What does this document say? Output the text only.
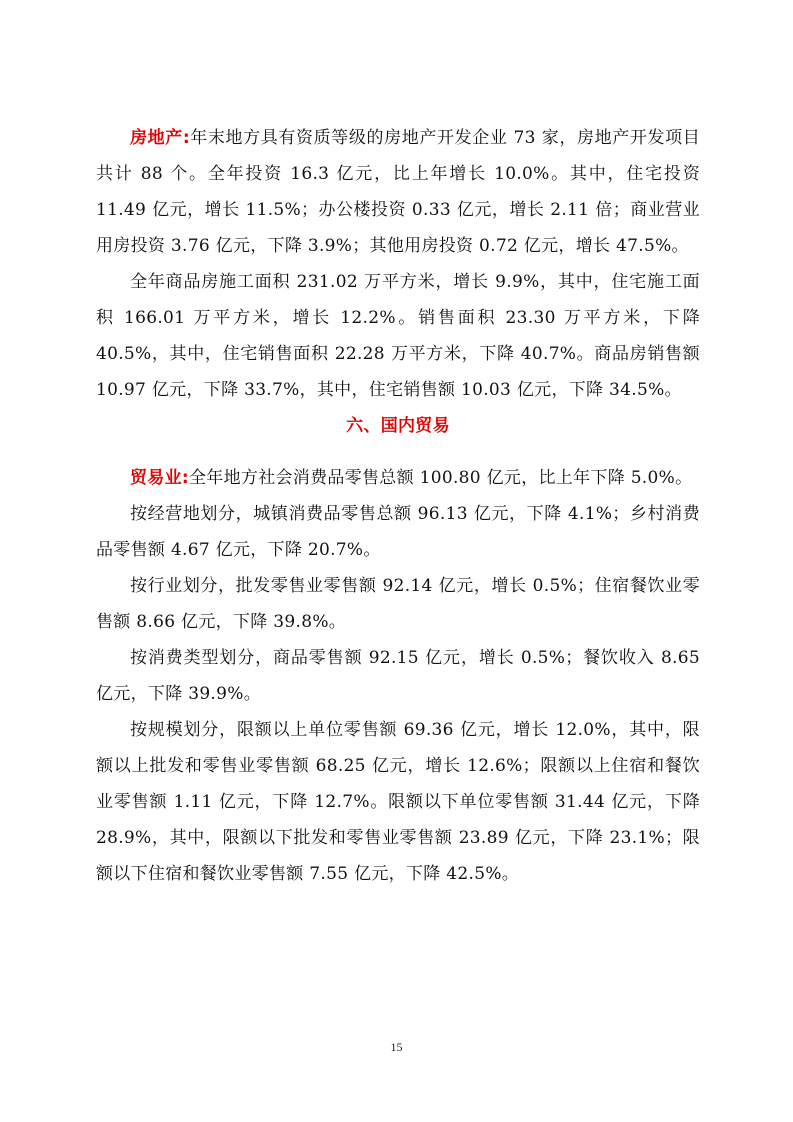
房地产:年末地方具有资质等级的房地产开发企业 73 家，房地产开发项目共计 88 个。全年投资 16.3 亿元，比上年增长 10.0%。其中，住宅投资 11.49 亿元，增长 11.5%；办公楼投资 0.33 亿元，增长 2.11 倍；商业营业用房投资 3.76 亿元，下降 3.9%；其他用房投资 0.72 亿元，增长 47.5%。

全年商品房施工面积 231.02 万平方米，增长 9.9%，其中，住宅施工面积 166.01 万平方米，增长 12.2%。销售面积 23.30 万平方米，下降 40.5%，其中，住宅销售面积 22.28 万平方米，下降 40.7%。商品房销售额 10.97 亿元，下降 33.7%，其中，住宅销售额 10.03 亿元，下降 34.5%。

六、国内贸易

贸易业:全年地方社会消费品零售总额 100.80 亿元，比上年下降 5.0%。

按经营地划分，城镇消费品零售总额 96.13 亿元，下降 4.1%；乡村消费品零售额 4.67 亿元，下降 20.7%。

按行业划分，批发零售业零售额 92.14 亿元，增长 0.5%；住宿餐饮业零售额 8.66 亿元，下降 39.8%。

按消费类型划分，商品零售额 92.15 亿元，增长 0.5%；餐饮收入 8.65 亿元，下降 39.9%。

按规模划分，限额以上单位零售额 69.36 亿元，增长 12.0%，其中，限额以上批发和零售业零售额 68.25 亿元，增长 12.6%；限额以上住宿和餐饮业零售额 1.11 亿元，下降 12.7%。限额以下单位零售额 31.44 亿元，下降 28.9%，其中，限额以下批发和零售业零售额 23.89 亿元，下降 23.1%；限额以下住宿和餐饮业零售额 7.55 亿元，下降 42.5%。

15
